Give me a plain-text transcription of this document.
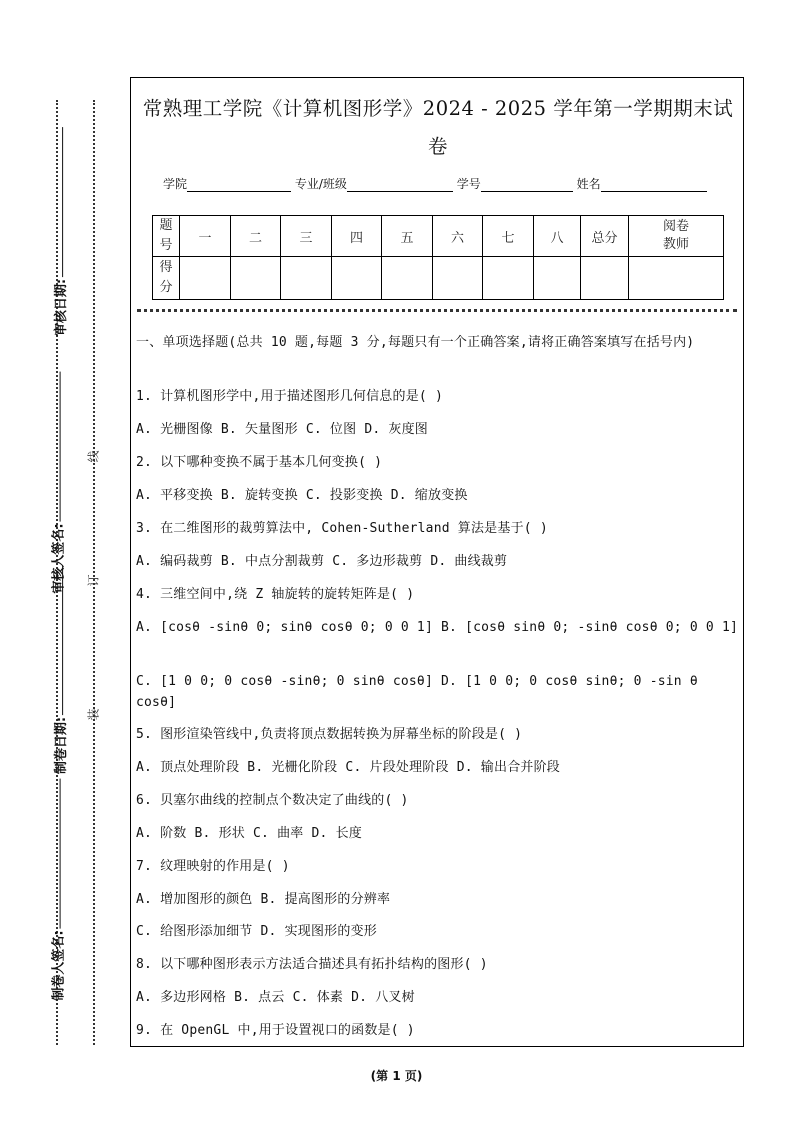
审核日期:
审核人签名:
制卷日期:
制卷人签名:
线
订
装
常熟理工学院《计算机图形学》2024 - 2025 学年第一学期期末试
卷
学院	专业/班级	学号	姓名
题号	一	二	三	四	五	六	七	八	总分	阅卷教师
得分										
一、单项选择题(总共 10 题,每题 3 分,每题只有一个正确答案,请将正确答案填写在括号内)
1. 计算机图形学中,用于描述图形几何信息的是( )
A. 光栅图像 B. 矢量图形 C. 位图 D. 灰度图
2. 以下哪种变换不属于基本几何变换( )
A. 平移变换 B. 旋转变换 C. 投影变换 D. 缩放变换
3. 在二维图形的裁剪算法中, Cohen-Sutherland 算法是基于( )
A. 编码裁剪 B. 中点分割裁剪 C. 多边形裁剪 D. 曲线裁剪
4. 三维空间中,绕 Z 轴旋转的旋转矩阵是( )
A. [cosθ -sinθ 0; sinθ cosθ 0; 0 0 1] B. [cosθ sinθ 0; -sinθ cosθ 0; 0 0 1]
C. [1 0 0; 0 cosθ -sinθ; 0 sinθ cosθ] D. [1 0 0; 0 cosθ sinθ; 0 -sin θ cosθ]
5. 图形渲染管线中,负责将顶点数据转换为屏幕坐标的阶段是( )
A. 顶点处理阶段 B. 光栅化阶段 C. 片段处理阶段 D. 输出合并阶段
6. 贝塞尔曲线的控制点个数决定了曲线的( )
A. 阶数 B. 形状 C. 曲率 D. 长度
7. 纹理映射的作用是( )
A. 增加图形的颜色 B. 提高图形的分辨率
C. 给图形添加细节 D. 实现图形的变形
8. 以下哪种图形表示方法适合描述具有拓扑结构的图形( )
A. 多边形网格 B. 点云 C. 体素 D. 八叉树
9. 在 OpenGL 中,用于设置视口的函数是( )
(第 1 页)
